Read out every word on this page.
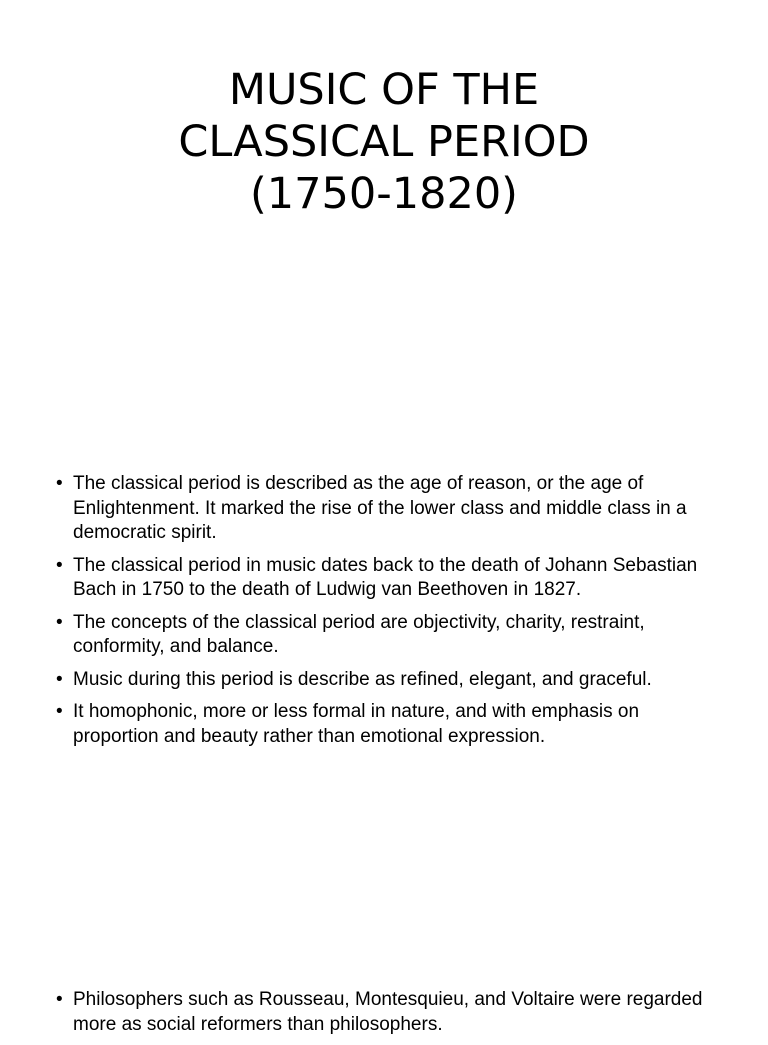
MUSIC OF THE
CLASSICAL PERIOD
(1750-1820)
• The classical period is described as the age of reason, or the age of Enlightenment. It marked the rise of the lower class and middle class in a democratic spirit.
• The classical period in music dates back to the death of Johann Sebastian Bach in 1750 to the death of Ludwig van Beethoven in 1827.
• The concepts of the classical period are objectivity, charity, restraint, conformity, and balance.
• Music during this period is describe as refined, elegant, and graceful.
• It homophonic, more or less formal in nature, and with emphasis on proportion and beauty rather than emotional expression.
• Philosophers such as Rousseau, Montesquieu, and Voltaire were regarded more as social reformers than philosophers.
